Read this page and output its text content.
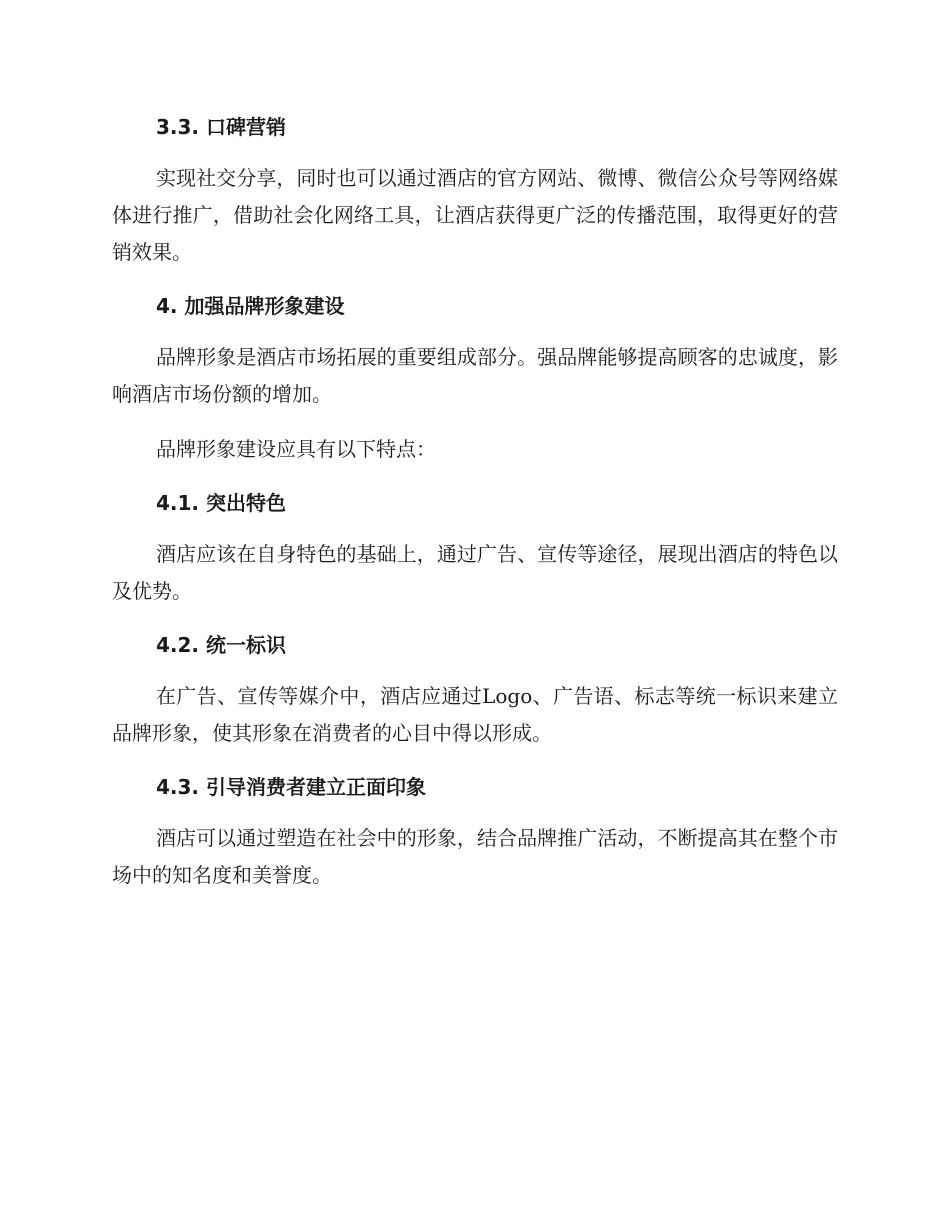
3.3. 口碑营销

实现社交分享，同时也可以通过酒店的官方网站、微博、微信公众号等网络媒体进行推广，借助社会化网络工具，让酒店获得更广泛的传播范围，取得更好的营销效果。

4. 加强品牌形象建设

品牌形象是酒店市场拓展的重要组成部分。强品牌能够提高顾客的忠诚度，影响酒店市场份额的增加。

品牌形象建设应具有以下特点：

4.1. 突出特色

酒店应该在自身特色的基础上，通过广告、宣传等途径，展现出酒店的特色以及优势。

4.2. 统一标识

在广告、宣传等媒介中，酒店应通过Logo、广告语、标志等统一标识来建立品牌形象，使其形象在消费者的心目中得以形成。

4.3. 引导消费者建立正面印象

酒店可以通过塑造在社会中的形象，结合品牌推广活动，不断提高其在整个市场中的知名度和美誉度。
